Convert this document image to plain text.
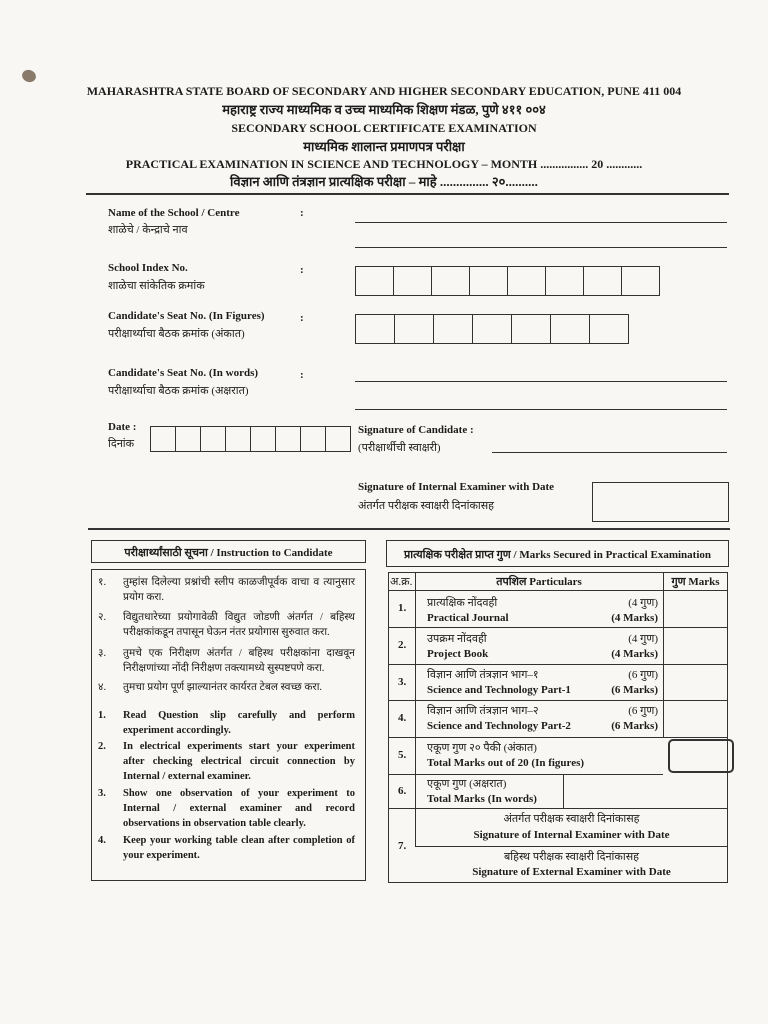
MAHARASHTRA STATE BOARD OF SECONDARY AND HIGHER SECONDARY EDUCATION, PUNE 411 004
महाराष्ट्र राज्य माध्यमिक व उच्च माध्यमिक शिक्षण मंडळ, पुणे ४११ ००४
SECONDARY SCHOOL CERTIFICATE EXAMINATION
माध्यमिक शालान्त प्रमाणपत्र परीक्षा
PRACTICAL EXAMINATION IN SCIENCE AND TECHNOLOGY – MONTH ................ 20 ............
विज्ञान आणि तंत्रज्ञान प्रात्यक्षिक परीक्षा – माहे ............... २०..........
Name of the School / Centre
शाळेचे / केन्द्राचे नाव
:
School Index No.
शाळेचा सांकेतिक क्रमांक
:
Candidate's Seat No. (In Figures)
परीक्षार्थ्याचा बैठक क्रमांक (अंकात)
:
Candidate's Seat No. (In words)
परीक्षार्थ्याचा बैठक क्रमांक (अक्षरात)
:
Date :
दिनांक
Signature of Candidate :
(परीक्षार्थीची स्वाक्षरी)
Signature of Internal Examiner with Date
अंतर्गत परीक्षक स्वाक्षरी दिनांकासह
परीक्षार्थ्यांसाठी सूचना / Instruction to Candidate
१. तुम्हांस दिलेल्या प्रश्नांची स्लीप काळजीपूर्वक वाचा व त्यानुसार प्रयोग करा.
२. विद्युतधारेच्या प्रयोगावेळी विद्युत जोडणी अंतर्गत / बहिस्थ परीक्षकांकडून तपासून घेऊन नंतर प्रयोगास सुरुवात करा.
३. तुमचे एक निरीक्षण अंतर्गत / बहिस्थ परीक्षकांना दाखवून निरीक्षणांच्या नोंदी निरीक्षण तक्त्यामध्ये सुस्पष्टपणे करा.
४. तुमचा प्रयोग पूर्ण झाल्यानंतर कार्यरत टेबल स्वच्छ करा.
1. Read Question slip carefully and perform experiment accordingly.
2. In electrical experiments start your experiment after checking electrical circuit connection by Internal / external examiner.
3. Show one observation of your experiment to Internal / external examiner and record observations in observation table clearly.
4. Keep your working table clean after completion of your experiment.
प्रात्यक्षिक परीक्षेत प्राप्त गुण / Marks Secured in Practical Examination
अ.क्र.	तपशिल Particulars	गुण Marks
1. प्रात्यक्षिक नोंदवही
Practical Journal
(4 गुण)
(4 Marks)
2. उपक्रम नोंदवही
Project Book
(4 गुण)
(4 Marks)
3.
विज्ञान आणि तंत्रज्ञान भाग–१
Science and Technology Part-1
(6 गुण)
(6 Marks)
4.
विज्ञान आणि तंत्रज्ञान भाग–२
Science and Technology Part-2
(6 गुण)
(6 Marks)
5.
एकूण गुण २० पैकी (अंकात)
Total Marks out of 20 (In figures)
6.
एकूण गुण (अक्षरात)
Total Marks (In words)
7.
अंतर्गत परीक्षक स्वाक्षरी दिनांकासह
Signature of Internal Examiner with Date
बहिस्थ परीक्षक स्वाक्षरी दिनांकासह
Signature of External Examiner with Date
